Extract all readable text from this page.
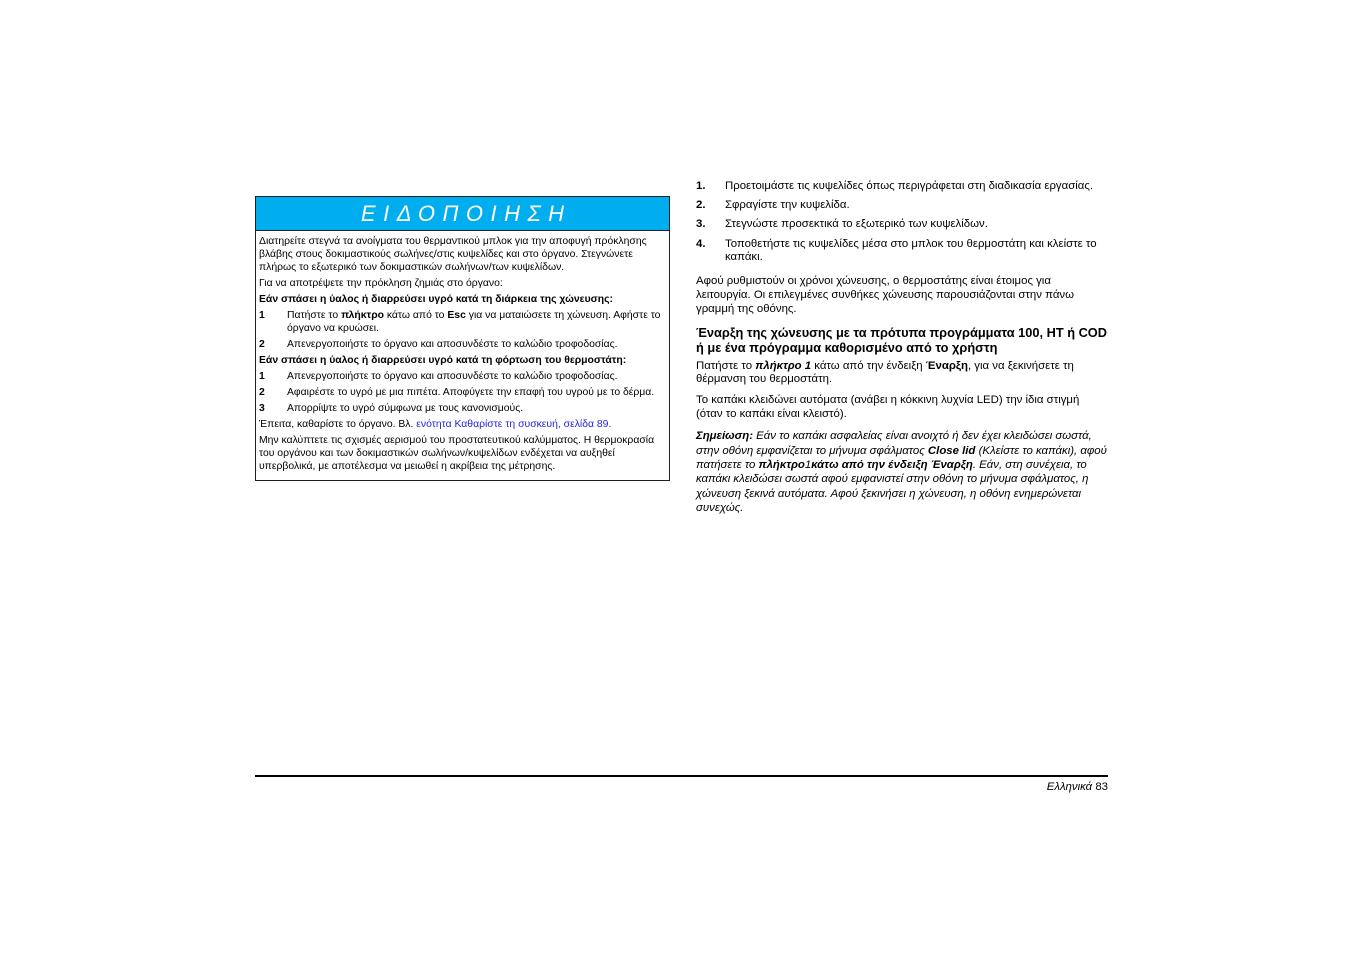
ΕΙΔΟΠΟΙΗΣΗ

Διατηρείτε στεγνά τα ανοίγματα του θερμαντικού μπλοκ για την αποφυγή πρόκλησης βλάβης στους δοκιμαστικούς σωλήνες/στις κυψελίδες και στο όργανο. Στεγνώνετε πλήρως το εξωτερικό των δοκιμαστικών σωλήνων/των κυψελίδων.

Για να αποτρέψετε την πρόκληση ζημιάς στο όργανο:

Εάν σπάσει η ύαλος ή διαρρεύσει υγρό κατά τη διάρκεια της χώνευσης:

1	Πατήστε το πλήκτρο κάτω από το Esc για να ματαιώσετε τη χώνευση. Αφήστε το όργανο να κρυώσει.
2	Απενεργοποιήστε το όργανο και αποσυνδέστε το καλώδιο τροφοδοσίας.

Εάν σπάσει η ύαλος ή διαρρεύσει υγρό κατά τη φόρτωση του θερμοστάτη:

1	Απενεργοποιήστε το όργανο και αποσυνδέστε το καλώδιο τροφοδοσίας.
2	Αφαιρέστε το υγρό με μια πιπέτα. Αποφύγετε την επαφή του υγρού με το δέρμα.
3	Απορρίψτε το υγρό σύμφωνα με τους κανονισμούς.

Έπειτα, καθαρίστε το όργανο. Βλ. ενότητα Καθαρίστε τη συσκευή, σελίδα 89.

Μην καλύπτετε τις σχισμές αερισμού του προστατευτικού καλύμματος. Η θερμοκρασία του οργάνου και των δοκιμαστικών σωλήνων/κυψελίδων ενδέχεται να αυξηθεί υπερβολικά, με αποτέλεσμα να μειωθεί η ακρίβεια της μέτρησης.

1.	Προετοιμάστε τις κυψελίδες όπως περιγράφεται στη διαδικασία εργασίας.
2.	Σφραγίστε την κυψελίδα.
3.	Στεγνώστε προσεκτικά το εξωτερικό των κυψελίδων.
4.	Τοποθετήστε τις κυψελίδες μέσα στο μπλοκ του θερμοστάτη και κλείστε το καπάκι.

Αφού ρυθμιστούν οι χρόνοι χώνευσης, ο θερμοστάτης είναι έτοιμος για λειτουργία. Οι επιλεγμένες συνθήκες χώνευσης παρουσιάζονται στην πάνω γραμμή της οθόνης.

Έναρξη της χώνευσης με τα πρότυπα προγράμματα 100, HT ή COD ή με ένα πρόγραμμα καθορισμένο από το χρήστη

Πατήστε το πλήκτρο 1 κάτω από την ένδειξη Έναρξη, για να ξεκινήσετε τη θέρμανση του θερμοστάτη.

Το καπάκι κλειδώνει αυτόματα (ανάβει η κόκκινη λυχνία LED) την ίδια στιγμή (όταν το καπάκι είναι κλειστό).

Σημείωση: Εάν το καπάκι ασφαλείας είναι ανοιχτό ή δεν έχει κλειδώσει σωστά, στην οθόνη εμφανίζεται το μήνυμα σφάλματος Close lid (Κλείστε το καπάκι), αφού πατήσετε το πλήκτρο1κάτω από την ένδειξη Έναρξη. Εάν, στη συνέχεια, το καπάκι κλειδώσει σωστά αφού εμφανιστεί στην οθόνη το μήνυμα σφάλματος, η χώνευση ξεκινά αυτόματα. Αφού ξεκινήσει η χώνευση, η οθόνη ενημερώνεται συνεχώς.

Ελληνικά 83
